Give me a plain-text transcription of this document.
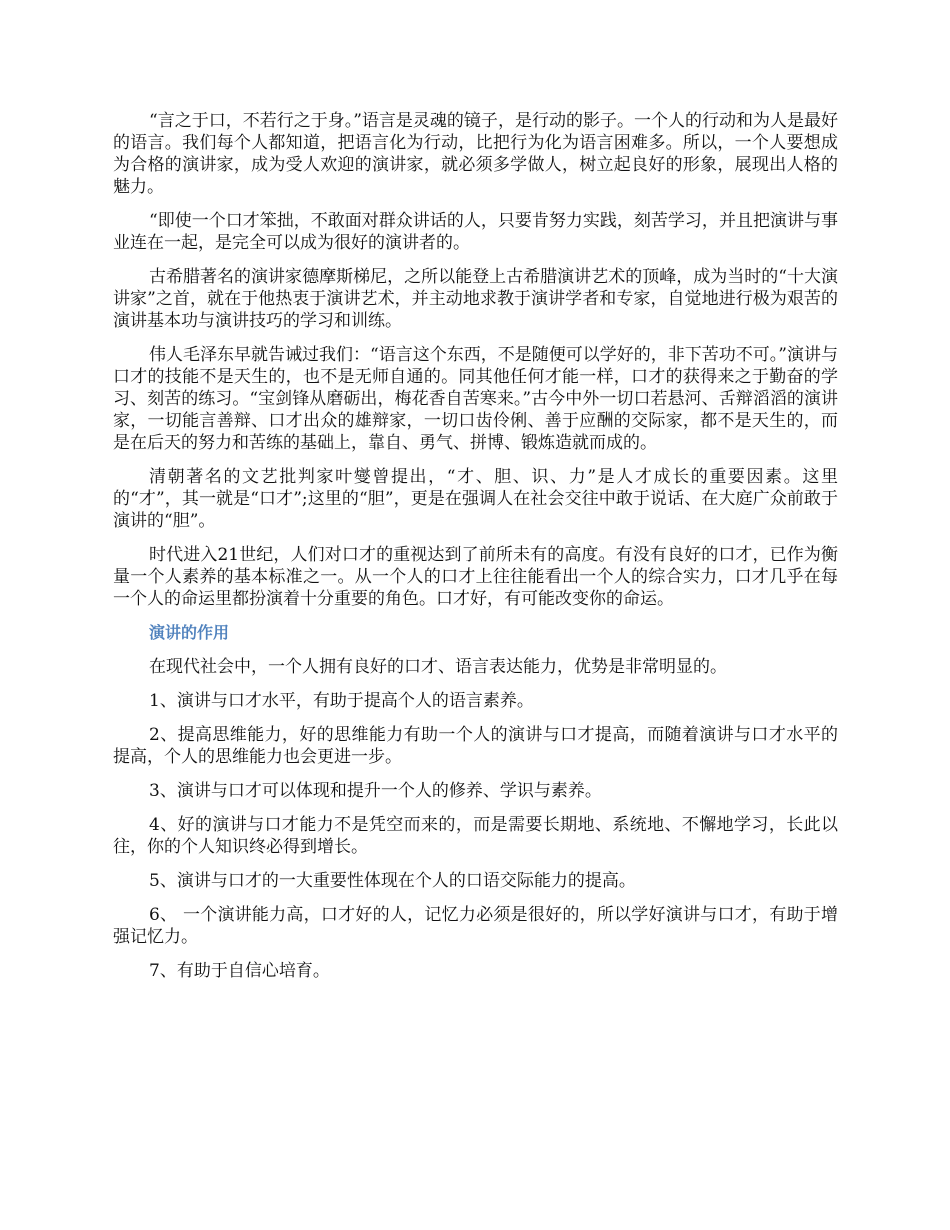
“言之于口，不若行之于身。”语言是灵魂的镜子，是行动的影子。一个人的行动和为人是最好的语言。我们每个人都知道，把语言化为行动，比把行为化为语言困难多。所以，一个人要想成为合格的演讲家，成为受人欢迎的演讲家，就必须多学做人，树立起良好的形象，展现出人格的魅力。

“即使一个口才笨拙，不敢面对群众讲话的人，只要肯努力实践，刻苦学习，并且把演讲与事业连在一起，是完全可以成为很好的演讲者的。

古希腊著名的演讲家德摩斯梯尼，之所以能登上古希腊演讲艺术的顶峰，成为当时的“十大演讲家”之首，就在于他热衷于演讲艺术，并主动地求教于演讲学者和专家，自觉地进行极为艰苦的演讲基本功与演讲技巧的学习和训练。

伟人毛泽东早就告诫过我们：“语言这个东西，不是随便可以学好的，非下苦功不可。”演讲与口才的技能不是天生的，也不是无师自通的。同其他任何才能一样，口才的获得来之于勤奋的学习、刻苦的练习。“宝剑锋从磨砺出，梅花香自苦寒来。”古今中外一切口若悬河、舌辩滔滔的演讲家，一切能言善辩、口才出众的雄辩家，一切口齿伶俐、善于应酬的交际家，都不是天生的，而是在后天的努力和苦练的基础上，靠自、勇气、拼博、锻炼造就而成的。

清朝著名的文艺批判家叶燮曾提出，“才、胆、识、力”是人才成长的重要因素。这里的“才”，其一就是“口才”;这里的“胆”，更是在强调人在社会交往中敢于说话、在大庭广众前敢于演讲的“胆”。

时代进入21世纪，人们对口才的重视达到了前所未有的高度。有没有良好的口才，已作为衡量一个人素养的基本标准之一。从一个人的口才上往往能看出一个人的综合实力，口才几乎在每一个人的命运里都扮演着十分重要的角色。口才好，有可能改变你的命运。

演讲的作用

在现代社会中，一个人拥有良好的口才、语言表达能力，优势是非常明显的。

1、演讲与口才水平，有助于提高个人的语言素养。

2、提高思维能力，好的思维能力有助一个人的演讲与口才提高，而随着演讲与口才水平的提高，个人的思维能力也会更进一步。

3、演讲与口才可以体现和提升一个人的修养、学识与素养。

4、好的演讲与口才能力不是凭空而来的，而是需要长期地、系统地、不懈地学习，长此以往，你的个人知识终必得到增长。

5、演讲与口才的一大重要性体现在个人的口语交际能力的提高。

6、 一个演讲能力高，口才好的人，记忆力必须是很好的，所以学好演讲与口才，有助于增强记忆力。

7、有助于自信心培育。
